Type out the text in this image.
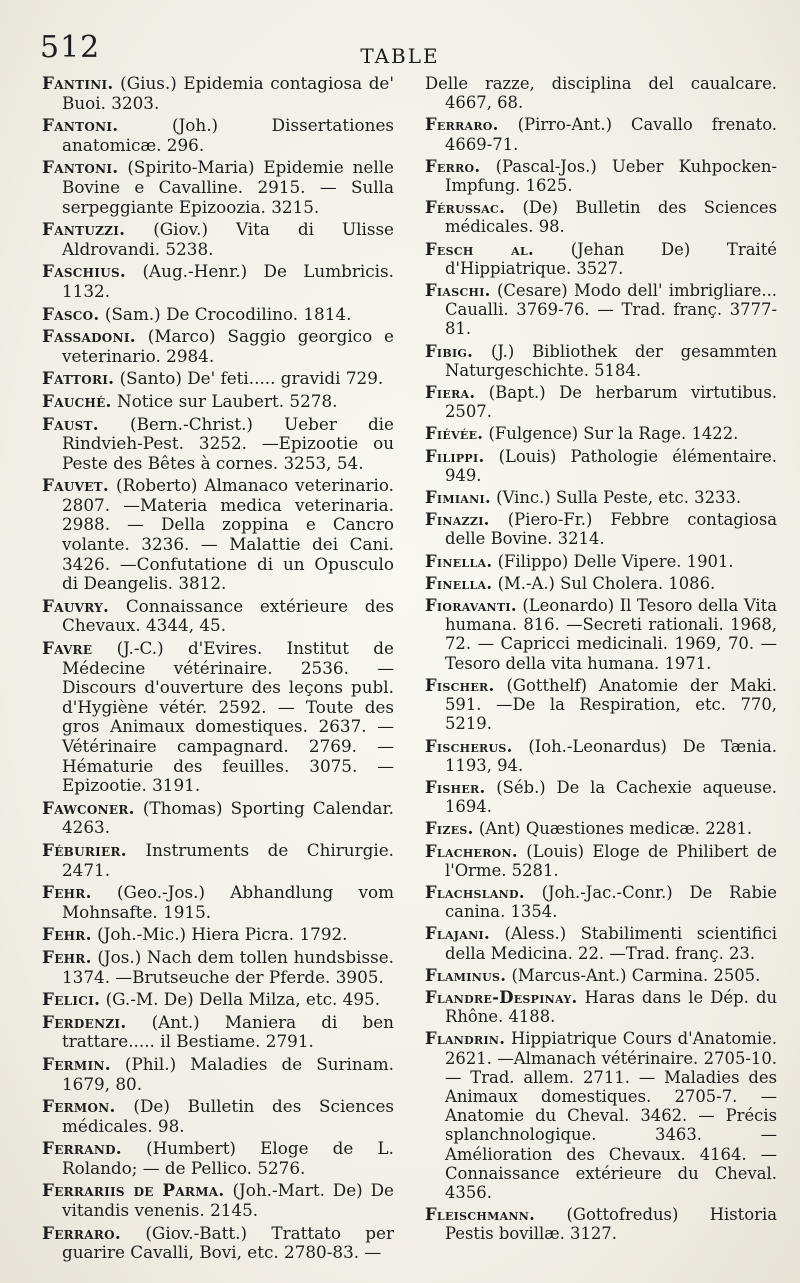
512	TABLE

Fantini. (Gius.) Epidemia contagiosa de' Buoi. 3203.

Fantoni.	(Joh.) Dissertationes anatomicæ. 296.

Fantoni. (Spirito-Maria) Epidemie nelle Bovine e Cavalline. 2915. — Sulla serpeggiante Epizoozia. 3215.

Fantuzzi. (Giov.) Vita di Ulisse Aldrovandi. 5238.

Faschius. (Aug.-Henr.) De Lumbricis. 1132.

Fasco. (Sam.) De Crocodilino. 1814.

Fassadoni. (Marco) Saggio georgico e veterinario. 2984.

Fattori. (Santo) De' feti..... gravidi 729.

Fauché. Notice sur Laubert. 5278.

Faust. (Bern.-Christ.) Ueber die Rindvieh-Pest. 3252. —Epizootie ou Peste des Bêtes à cornes. 3253, 54.

Fauvet. (Roberto) Almanaco veterinario. 2807. —Materia medica veterinaria. 2988. — Della zoppina e Cancro volante. 3236. — Malattie dei Cani. 3426. —Confutatione di un Opusculo di Deangelis. 3812.

Fauvry. Connaissance extérieure des Chevaux. 4344, 45.

Favre (J.-C.) d'Evires. Institut de Médecine vétérinaire. 2536. — Discours d'ouverture des leçons publ. d'Hygiène vétér. 2592. — Toute des gros Animaux domestiques. 2637. —Vétérinaire campagnard. 2769. — Hématurie des feuilles. 3075. — Epizootie. 3191.

Fawconer. (Thomas) Sporting Calendar. 4263.

Féburier. Instruments de Chirurgie. 2471.

Fehr. (Geo.-Jos.) Abhandlung vom Mohnsafte. 1915.

Fehr. (Joh.-Mic.) Hiera Picra. 1792.

Fehr. (Jos.) Nach dem tollen hundsbisse. 1374. —Brutseuche der Pferde. 3905.

Felici. (G.-M. De) Della Milza, etc. 495.

Ferdenzi. (Ant.) Maniera di ben trattare..... il Bestiame. 2791.

Fermin. (Phil.) Maladies de Surinam. 1679, 80.

Fermon. (De) Bulletin des Sciences médicales. 98.

Ferrand. (Humbert) Eloge de L. Rolando; — de Pellico. 5276.

Ferrariis de Parma. (Joh.-Mart. De) De vitandis venenis. 2145.

Ferraro. (Giov.-Batt.) Trattato per guarire Cavalli, Bovi, etc. 2780-83. —

Delle razze, disciplina del caualcare. 4667, 68.

Ferraro. (Pirro-Ant.) Cavallo frenato. 4669-71.

Ferro. (Pascal-Jos.) Ueber Kuhpocken-Impfung. 1625.

Férussac. (De) Bulletin des Sciences médicales. 98.

Fesch al. (Jehan De) Traité d'Hippiatrique. 3527.

Fiaschi. (Cesare) Modo dell' imbrigliare... Caualli. 3769-76. — Trad. franç. 3777-81.

Fibig. (J.) Bibliothek der gesammten Naturgeschichte. 5184.

Fiera. (Bapt.) De herbarum virtutibus. 2507.

Fiévée. (Fulgence) Sur la Rage. 1422.

Filippi. (Louis) Pathologie élémentaire. 949.

Fimiani. (Vinc.) Sulla Peste, etc. 3233.

Finazzi. (Piero-Fr.) Febbre contagiosa delle Bovine. 3214.

Finella. (Filippo) Delle Vipere. 1901.

Finella. (M.-A.) Sul Cholera. 1086.

Fioravanti. (Leonardo) Il Tesoro della Vita humana. 816. —Secreti rationali. 1968, 72. — Capricci medicinali. 1969, 70. — Tesoro della vita humana. 1971.

Fischer. (Gotthelf) Anatomie der Maki. 591. —De la Respiration, etc. 770, 5219.

Fischerus. (Ioh.-Leonardus) De Tænia. 1193, 94.

Fisher. (Séb.) De la Cachexie aqueuse. 1694.

Fizes. (Ant) Quæstiones medicæ. 2281.

Flacheron. (Louis) Eloge de Philibert de l'Orme. 5281.

Flachsland. (Joh.-Jac.-Conr.) De Rabie canina. 1354.

Flajani. (Aless.) Stabilimenti scientifici della Medicina. 22. —Trad. franç. 23.

Flaminus. (Marcus-Ant.) Carmina. 2505.

Flandre-Despinay. Haras dans le Dép. du Rhône. 4188.

Flandrin. Hippiatrique Cours d'Anatomie. 2621. —Almanach vétérinaire. 2705-10. — Trad. allem. 2711. — Maladies des Animaux domestiques. 2705-7. —Anatomie du Cheval. 3462. — Précis splanchnologique. 3463. — Amélioration des Chevaux. 4164. — Connaissance extérieure du Cheval. 4356.

Fleischmann. (Gottofredus) Historia Pestis bovillæ. 3127.
